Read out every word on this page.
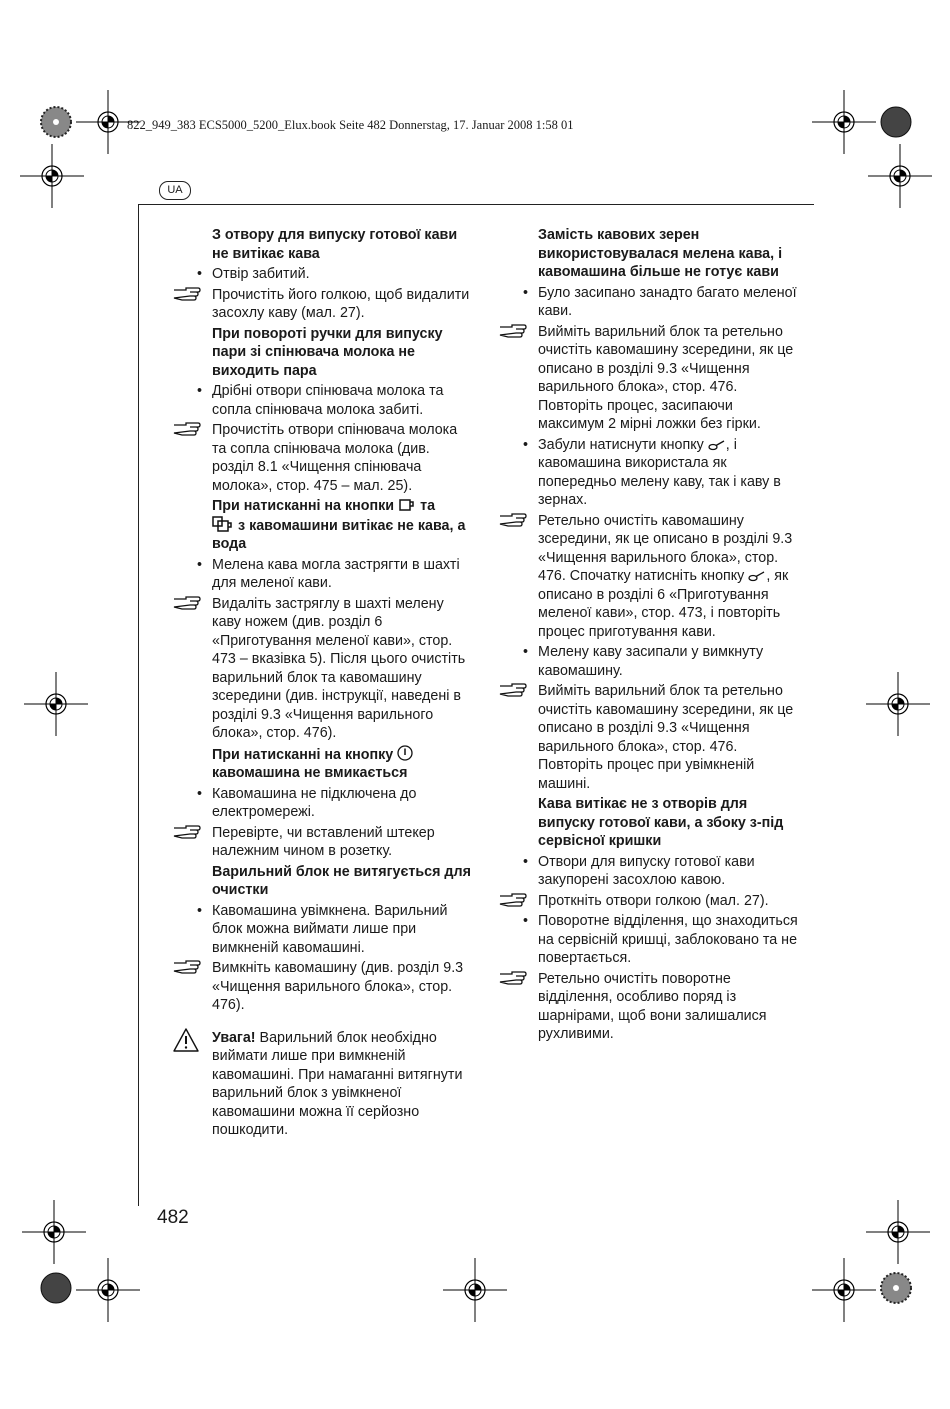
822_949_383 ECS5000_5200_Elux.book Seite 482 Donnerstag, 17. Januar 2008 1:58 01
UA
З отвору для випуску готової кави не витікає кава
• Отвір забитий.
Прочистіть його голкою, щоб видалити засохлу каву (мал. 27).
При повороті ручки для випуску пари зі спінювача молока не виходить пара
• Дрібні отвори спінювача молока та сопла спінювача молока забиті.
Прочистіть отвори спінювача молока та сопла спінювача молока (див. розділ 8.1 «Чищення спінювача молока», стор. 475 – мал. 25).
При натисканні на кнопки та
з кавомашини витікає не кава, а вода
• Мелена кава могла застрягти в шахті для меленої кави.
Видаліть застряглу в шахті мелену каву ножем (див. розділ 6 «Приготування меленої кави», стор. 473 – вказівка 5). Після цього очистіть варильний блок та кавомашину зсередини (див. інструкції, наведені в розділі 9.3 «Чищення варильного блока», стор. 476).
При натисканні на кнопку
кавомашина не вмикається
• Кавомашина не підключена до електромережі.
Перевірте, чи вставлений штекер належним чином в розетку.
Варильний блок не витягується для очистки
• Кавомашина увімкнена. Варильний блок можна виймати лише при вимкненій кавомашині.
Вимкніть кавомашину (див. розділ 9.3 «Чищення варильного блока», стор. 476).
Увага! Варильний блок необхідно виймати лише при вимкненій кавомашині. При намаганні витягнути варильний блок з увімкненої кавомашини можна її серйозно пошкодити.
Замість кавових зерен використовувалася мелена кава, і кавомашина більше не готує кави
• Було засипано занадто багато меленої кави.
Вийміть варильний блок та ретельно очистіть кавомашину зсередини, як це описано в розділі 9.3 «Чищення варильного блока», стор. 476. Повторіть процес, засипаючи максимум 2 мірні ложки без гірки.
• Забули натиснути кнопку , і кавомашина використала як попередньо мелену каву, так і каву в зернах.
Ретельно очистіть кавомашину зсередини, як це описано в розділі 9.3 «Чищення варильного блока», стор. 476. Спочатку натисніть кнопку , як описано в розділі 6 «Приготування меленої кави», стор. 473, і повторіть процес приготування кави.
• Мелену каву засипали у вимкнуту кавомашину.
Вийміть варильний блок та ретельно очистіть кавомашину зсередини, як це описано в розділі 9.3 «Чищення варильного блока», стор. 476. Повторіть процес при увімкненій машині.
Кава витікає не з отворів для випуску готової кави, а збоку з-під сервісної кришки
• Отвори для випуску готової кави закупорені засохлою кавою.
Проткніть отвори голкою (мал. 27).
• Поворотне відділення, що знаходиться на сервісній кришці, заблоковано та не повертається.
Ретельно очистіть поворотне відділення, особливо поряд із шарнірами, щоб вони залишалися рухливими.
482
